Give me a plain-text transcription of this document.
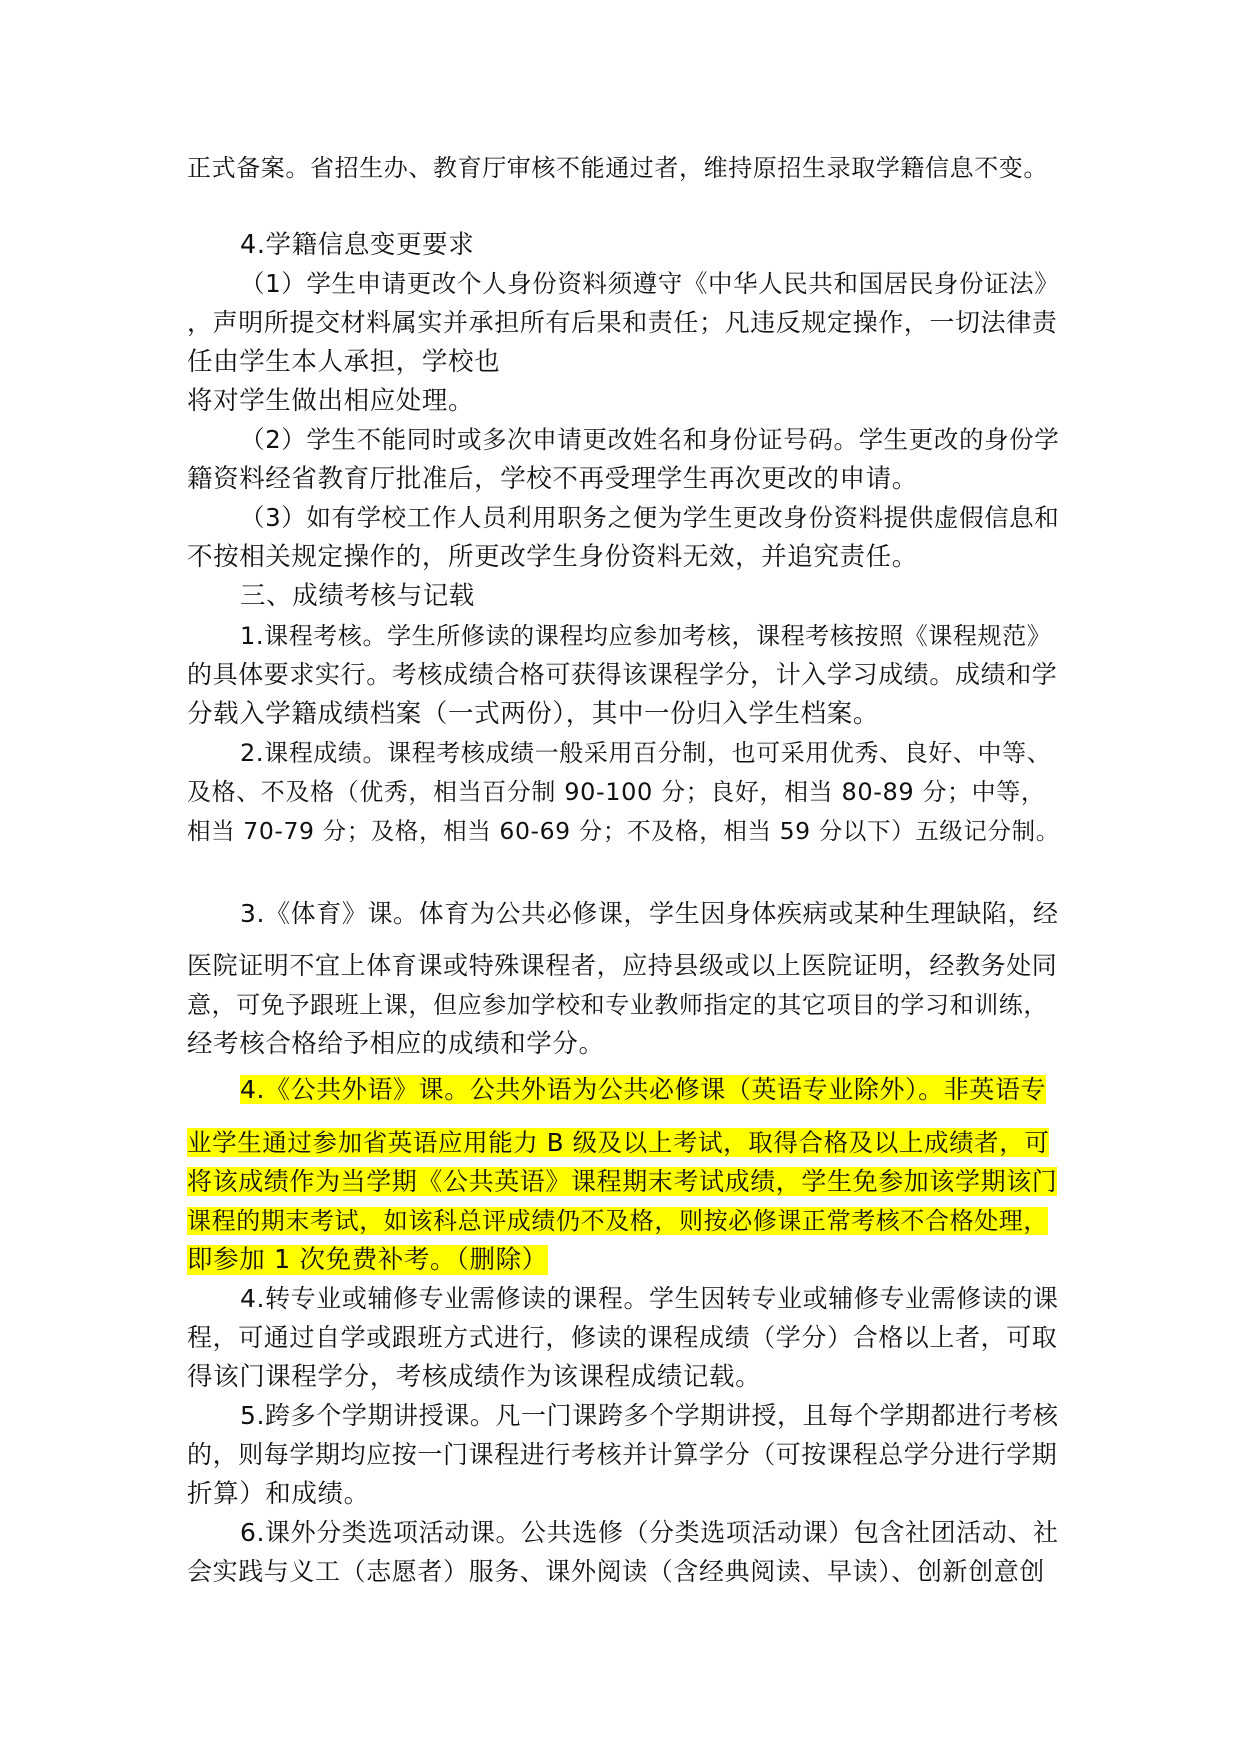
正式备案。省招生办、教育厅审核不能通过者，维持原招生录取学籍信息不变。
4.学籍信息变更要求
（1）学生申请更改个人身份资料须遵守《中华人民共和国居民身份证法》
，声明所提交材料属实并承担所有后果和责任；凡违反规定操作，一切法律责
任由学生本人承担，学校也
将对学生做出相应处理。
（2）学生不能同时或多次申请更改姓名和身份证号码。学生更改的身份学
籍资料经省教育厅批准后，学校不再受理学生再次更改的申请。
（3）如有学校工作人员利用职务之便为学生更改身份资料提供虚假信息和
不按相关规定操作的，所更改学生身份资料无效，并追究责任。
三、成绩考核与记载
1.课程考核。学生所修读的课程均应参加考核，课程考核按照《课程规范》
的具体要求实行。考核成绩合格可获得该课程学分，计入学习成绩。成绩和学
分载入学籍成绩档案（一式两份），其中一份归入学生档案。
2.课程成绩。课程考核成绩一般采用百分制，也可采用优秀、良好、中等、
及格、不及格（优秀，相当百分制 90-100 分；良好，相当 80-89 分；中等，
相当 70-79 分；及格，相当 60-69 分；不及格，相当 59 分以下）五级记分制。
3.《体育》课。体育为公共必修课，学生因身体疾病或某种生理缺陷，经
医院证明不宜上体育课或特殊课程者，应持县级或以上医院证明，经教务处同
意，可免予跟班上课，但应参加学校和专业教师指定的其它项目的学习和训练，
经考核合格给予相应的成绩和学分。
4.《公共外语》课。公共外语为公共必修课（英语专业除外）。非英语专
业学生通过参加省英语应用能力 B 级及以上考试，取得合格及以上成绩者，可
将该成绩作为当学期《公共英语》课程期末考试成绩，学生免参加该学期该门
课程的期末考试，如该科总评成绩仍不及格，则按必修课正常考核不合格处理，
即参加 1 次免费补考。（删除）
4.转专业或辅修专业需修读的课程。学生因转专业或辅修专业需修读的课
程，可通过自学或跟班方式进行，修读的课程成绩（学分）合格以上者，可取
得该门课程学分，考核成绩作为该课程成绩记载。
5.跨多个学期讲授课。凡一门课跨多个学期讲授，且每个学期都进行考核
的，则每学期均应按一门课程进行考核并计算学分（可按课程总学分进行学期
折算）和成绩。
6.课外分类选项活动课。公共选修（分类选项活动课）包含社团活动、社
会实践与义工（志愿者）服务、课外阅读（含经典阅读、早读）、创新创意创
